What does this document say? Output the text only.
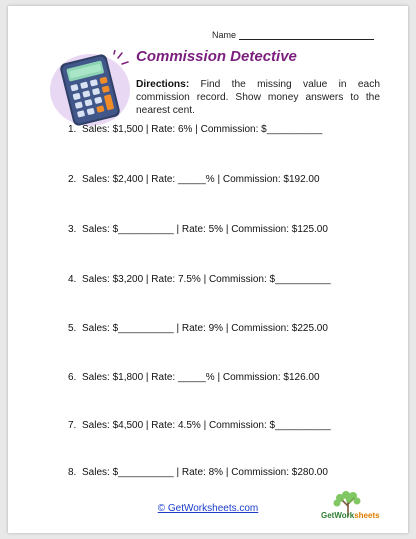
Name
Commission Detective
Directions: Find the missing value in each commission record. Show money answers to the nearest cent.
1. Sales: $1,500 | Rate: 6% | Commission: $__________
2. Sales: $2,400 | Rate: _____% | Commission: $192.00
3. Sales: $__________ | Rate: 5% | Commission: $125.00
4. Sales: $3,200 | Rate: 7.5% | Commission: $__________
5. Sales: $__________ | Rate: 9% | Commission: $225.00
6. Sales: $1,800 | Rate: _____% | Commission: $126.00
7. Sales: $4,500 | Rate: 4.5% | Commission: $__________
8. Sales: $__________ | Rate: 8% | Commission: $280.00
© GetWorksheets.com
GetWorksheets
